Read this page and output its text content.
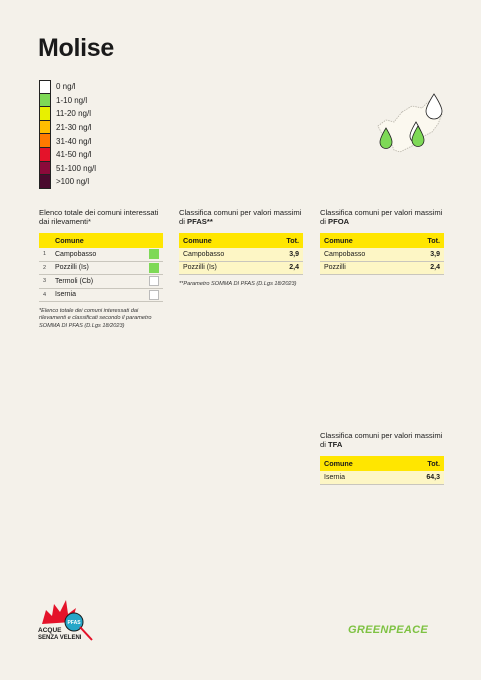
Molise
0 ng/l
1-10 ng/l
11-20 ng/l
21-30 ng/l
31-40 ng/l
41-50 ng/l
51-100 ng/l
>100 ng/l
Elenco totale dei comuni interessati dai rilevamenti*
Comune
1	Campobasso
2	Pozzilli (Is)
3	Termoli (Cb)
4	Isernia
*Elenco totale dei comuni interessati dai rilevamenti e classificati secondo il parametro SOMMA DI PFAS (D.Lgs 18/2023)
Classifica comuni per valori massimi di PFAS**
Comune	Tot.
Campobasso	3,9
Pozzilli (Is)	2,4
**Parametro SOMMA DI PFAS (D.Lgs 18/2023)
Classifica comuni per valori massimi di PFOA
Comune	Tot.
Campobasso	3,9
Pozzilli	2,4
Classifica comuni per valori massimi di TFA
Comune	Tot.
Isernia	64,3
PFAS
ACQUE
SENZA VELENI
GREENPEACE
